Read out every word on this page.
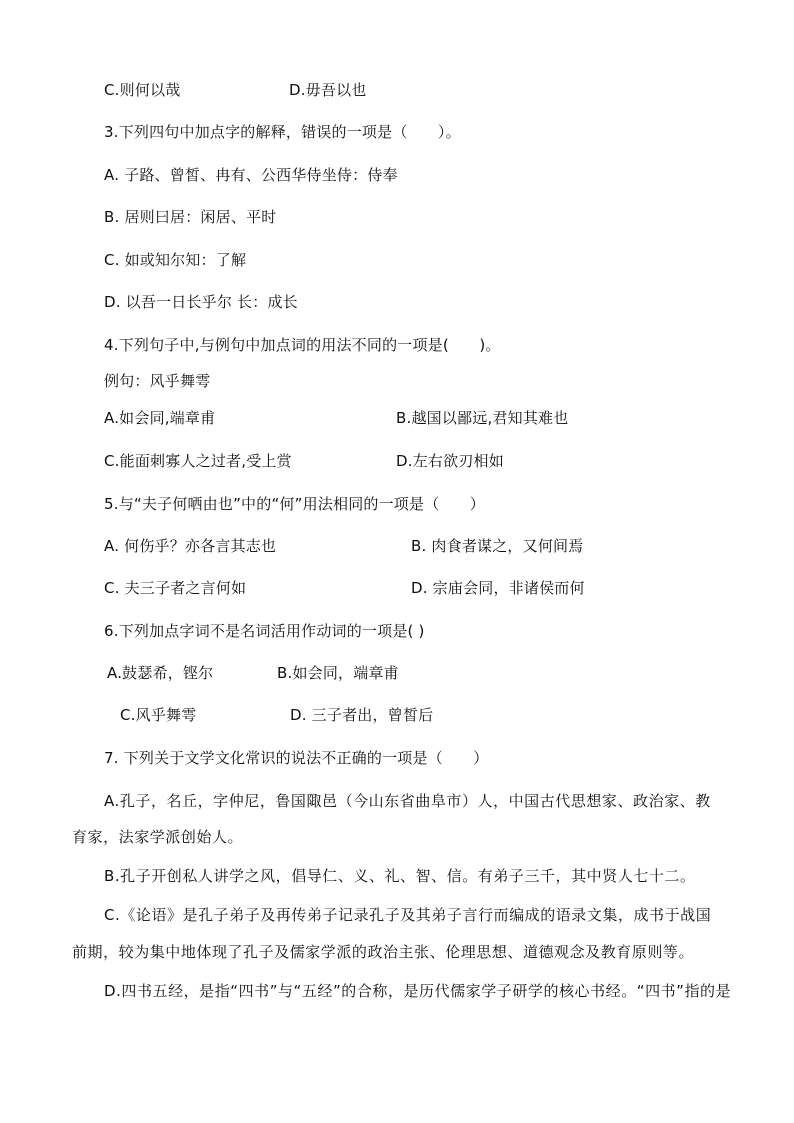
C.则何以哉	D.毋吾以也
3.下列四句中加点字的解释，错误的一项是（　　）。
A. 子路、曾皙、冉有、公西华侍坐侍：侍奉
B. 居则曰居：闲居、平时
C. 如或知尔知：了解
D. 以吾一日长乎尔 长：成长
4.下列句子中,与例句中加点词的用法不同的一项是(　　)。
例句：风乎舞雩
A.如会同,端章甫	B.越国以鄙远,君知其难也
C.能面刺寡人之过者,受上赏	D.左右欲刃相如
5.与“夫子何哂由也”中的“何”用法相同的一项是（　　）
A. 何伤乎？亦各言其志也	B. 肉食者谋之，又何间焉
C. 夫三子者之言何如	D. 宗庙会同，非诸侯而何
6.下列加点字词不是名词活用作动词的一项是( )
A.鼓瑟希，铿尔	B.如会同，端章甫
C.风乎舞雩	D. 三子者出，曾皙后
7. 下列关于文学文化常识的说法不正确的一项是（　　）
A.孔子，名丘，字仲尼，鲁国陬邑（今山东省曲阜市）人，中国古代思想家、政治家、教
育家，法家学派创始人。
B.孔子开创私人讲学之风，倡导仁、义、礼、智、信。有弟子三千，其中贤人七十二。
C.《论语》是孔子弟子及再传弟子记录孔子及其弟子言行而编成的语录文集，成书于战国
前期，较为集中地体现了孔子及儒家学派的政治主张、伦理思想、道德观念及教育原则等。
D.四书五经，是指“四书”与“五经”的合称，是历代儒家学子研学的核心书经。“四书”指的是
